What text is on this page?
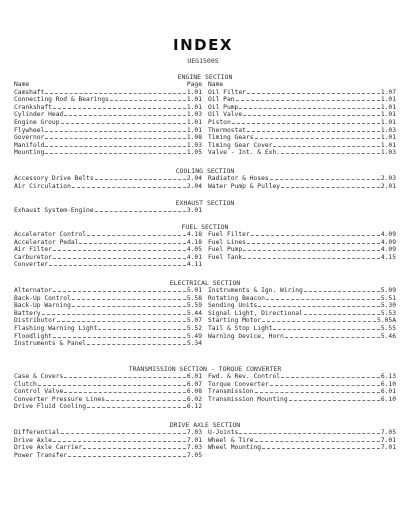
INDEX
UEG1500S
ENGINE SECTION
Name	Page
Camshaft	1.01
Connecting Rod & Bearings	1.01
Crankshaft	1.01
Cylinder Head	1.03
Engine Group	1.01
Flywheel	1.01
Governor	1.08
Manifold	1.03
Mounting	1.05
Name
Oil Filter	1.07
Oil Pan	1.01
Oil Pump	1.01
Oil Valve	1.01
Piston	1.01
Thermostat	1.03
Timing Gears	1.01
Timing Gear Cover	1.01
Valve - Int. & Exh.	1.03
COOLING SECTION
Accessory Drive Belts	2.04
Air Circulation	2.04
Radiator & Hoses	2.03
Water Pump & Pulley	2.01
EXHAUST SECTION
Exhaust System-Engine	3.01
FUEL SECTION
Accelerator Control	4.18
Accelerator Pedal	4.18
Air Filter	4.05
Carburetor	4.01
Converter	4.11
Fuel Filter	4.09
Fuel Lines	4.09
Fuel Pump	4.09
Fuel Tank	4.15
ELECTRICAL SECTION
Alternator	5.01
Back-Up Control	5.58
Back-Up Warning	5.59
Battery	5.44
Distributor	5.07
Flashing Warning Light	5.52
Floodlight	5.49
Instruments & Panel	5.34
Instruments & Ign. Wiring	5.09
Rotating Beacon	5.51
Sending Units	5.30
Signal Light, Directional	5.53
Starting Motor	5.05A
Tail & Stop Light	5.55
Warning Device, Horn	5.46
TRANSMISSION SECTION - TORQUE CONVERTER
Case & Covers	6.01
Clutch	6.07
Control Valve	6.08
Converter Pressure Lines	6.02
Drive Fluid Cooling	6.12
Fwd. & Rev. Control	6.13
Torque Converter	6.10
Transmission	6.01
Transmission Mounting	6.10
DRIVE AXLE SECTION
Differential	7.03
Drive Axle	7.01
Drive Axle Carrier	7.03
Power Transfer	7.05
U-Joints	7.05
Wheel & Tire	7.01
Wheel Mounting	7.01
